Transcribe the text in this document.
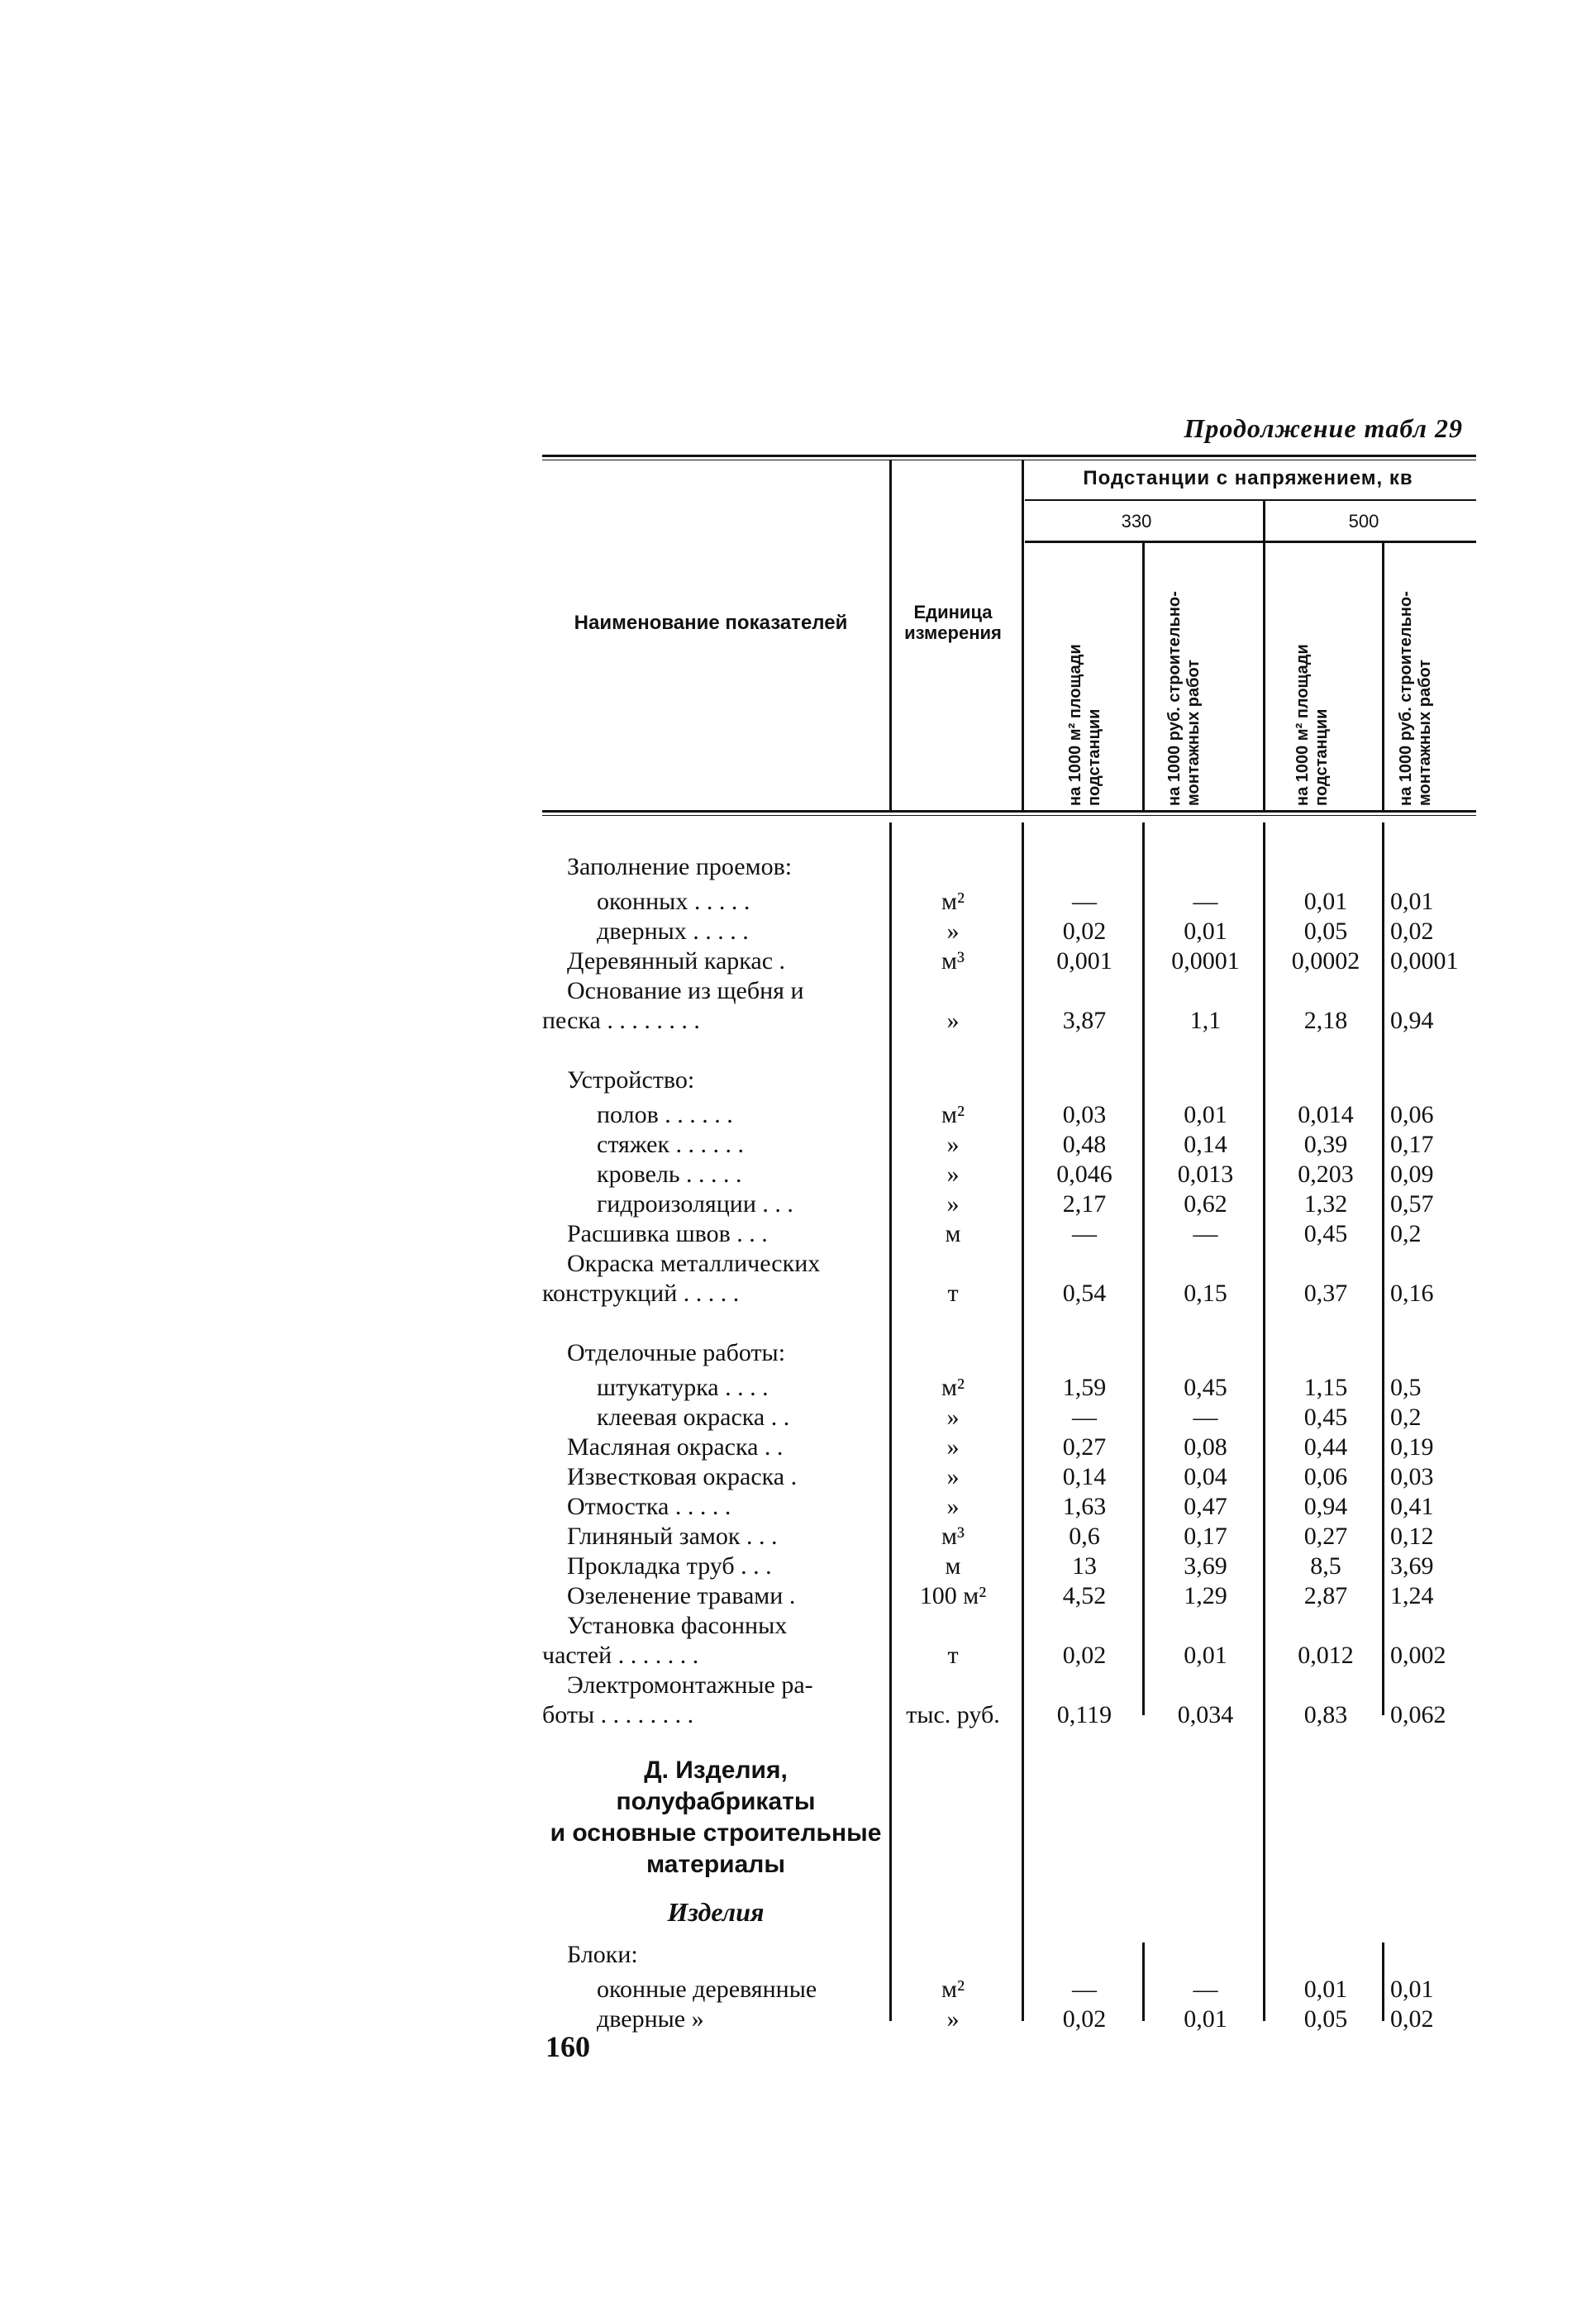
Продолжение табл 29
Наименование показателей	Единица измерения
Подстанции с напряжением, кв
330	500
на 1000 м² площади подстанции	на 1000 руб. строительно-монтажных работ	на 1000 м² площади подстанции	на 1000 руб. строительно-монтажных работ
Заполнение проемов:
оконных . . . . .	м²	—	—	0,01	0,01
дверных . . . . .	»	0,02	0,01	0,05	0,02
Деревянный каркас .	м³	0,001	0,0001	0,0002	0,0001
Основание из щебня и
песка . . . . . . . .	»	3,87	1,1	2,18	0,94
Устройство:
полов . . . . . .	м²	0,03	0,01	0,014	0,06
стяжек . . . . . .	»	0,48	0,14	0,39	0,17
кровель . . . . .	»	0,046	0,013	0,203	0,09
гидроизоляции . . .	»	2,17	0,62	1,32	0,57
Расшивка швов . . .	м	—	—	0,45	0,2
Окраска металлических
конструкций . . . . .	т	0,54	0,15	0,37	0,16
Отделочные работы:
штукатурка . . . .	м²	1,59	0,45	1,15	0,5
клеевая окраска . .	»	—	—	0,45	0,2
Масляная окраска . .	»	0,27	0,08	0,44	0,19
Известковая окраска .	»	0,14	0,04	0,06	0,03
Отмостка . . . . .	»	1,63	0,47	0,94	0,41
Глиняный замок . . .	м³	0,6	0,17	0,27	0,12
Прокладка труб . . .	м	13	3,69	8,5	3,69
Озеленение травами .	100 м²	4,52	1,29	2,87	1,24
Установка фасонных
частей . . . . . . .	т	0,02	0,01	0,012	0,002
Электромонтажные ра-
боты . . . . . . . .	тыс. руб.	0,119	0,034	0,83	0,062
Д. Изделия,
полуфабрикаты
и основные строительные
материалы
Изделия
Блоки:
оконные деревянные	м²	—	—	0,01	0,01
дверные »	»	0,02	0,01	0,05	0,02
160
